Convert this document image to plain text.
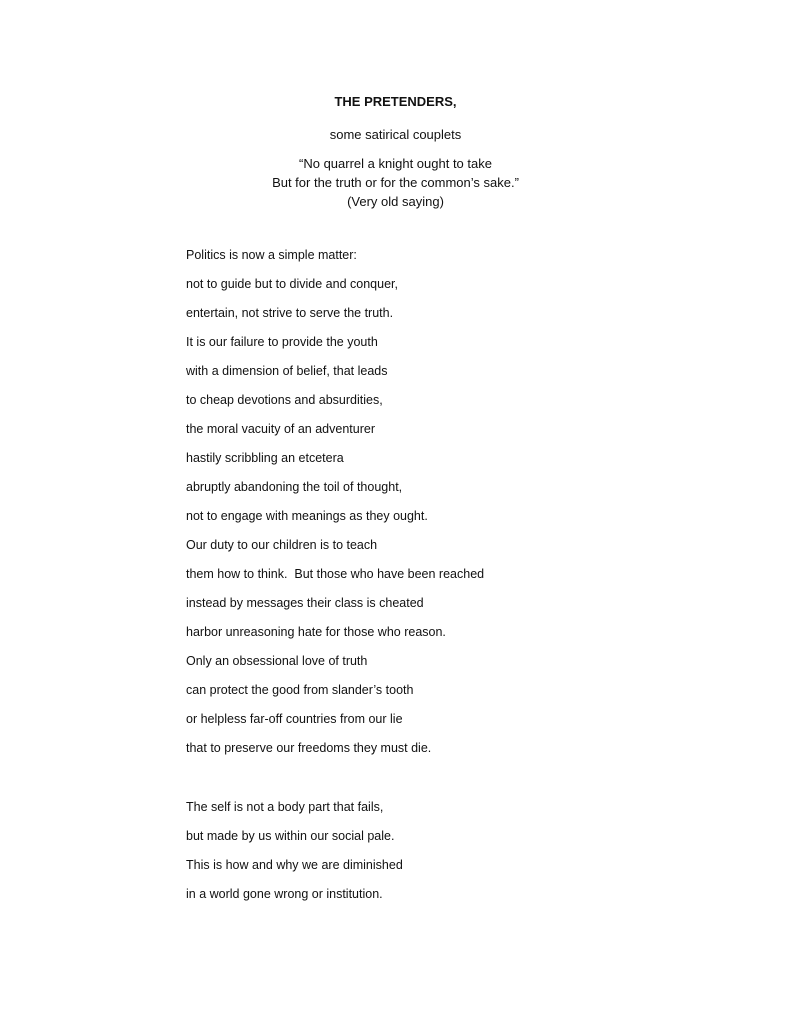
THE PRETENDERS,
some satirical couplets
“No quarrel a knight ought to take
But for the truth or for the common’s sake.”
(Very old saying)
Politics is now a simple matter:
not to guide but to divide and conquer,
entertain, not strive to serve the truth.
It is our failure to provide the youth
with a dimension of belief, that leads
to cheap devotions and absurdities,
the moral vacuity of an adventurer
hastily scribbling an etcetera
abruptly abandoning the toil of thought,
not to engage with meanings as they ought.
Our duty to our children is to teach
them how to think.  But those who have been reached
instead by messages their class is cheated
harbor unreasoning hate for those who reason.
Only an obsessional love of truth
can protect the good from slander’s tooth
or helpless far-off countries from our lie
that to preserve our freedoms they must die.
The self is not a body part that fails,
but made by us within our social pale.
This is how and why we are diminished
in a world gone wrong or institution.
